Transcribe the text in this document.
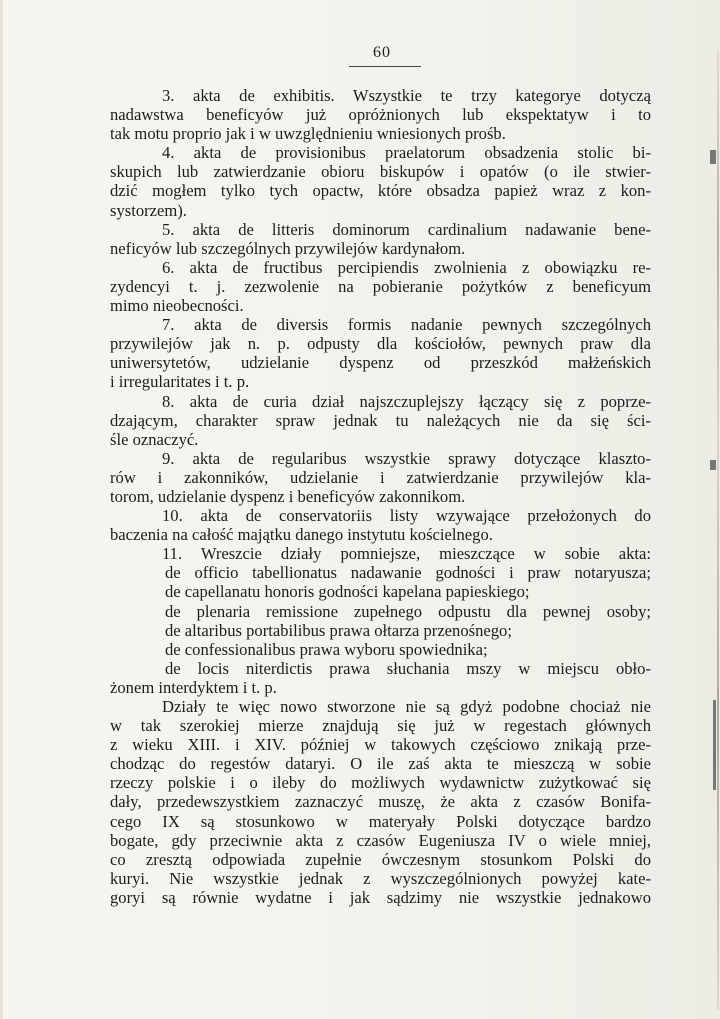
60
3. akta de exhibitis. Wszystkie te trzy kategorye dotyczą
nadawstwa beneficyów już opróżnionych lub ekspektatyw i to
tak motu proprio jak i w uwzględnieniu wniesionych prośb.
4. akta de provisionibus praelatorum obsadzenia stolic bi-
skupich lub zatwierdzanie obioru biskupów i opatów (o ile stwier-
dzić mogłem tylko tych opactw, które obsadza papież wraz z kon-
systorzem).
5. akta de litteris dominorum cardinalium nadawanie bene-
neficyów lub szczególnych przywilejów kardynałom.
6. akta de fructibus percipiendis zwolnienia z obowiązku re-
zydencyi t. j. zezwolenie na pobieranie pożytków z beneficyum
mimo nieobecności.
7. akta de diversis formis nadanie pewnych szczególnych
przywilejów jak n. p. odpusty dla kościołów, pewnych praw dla
uniwersytetów, udzielanie dyspenz od przeszkód małżeńskich
i irregularitates i t. p.
8. akta de curia dział najszczuplejszy łączący się z poprze-
dzającym, charakter spraw jednak tu należących nie da się ści-
śle oznaczyć.
9. akta de regularibus wszystkie sprawy dotyczące klaszto-
rów i zakonników, udzielanie i zatwierdzanie przywilejów kla-
torom, udzielanie dyspenz i beneficyów zakonnikom.
10. akta de conservatoriis listy wzywające przełożonych do
baczenia na całość majątku danego instytutu kościelnego.
11. Wreszcie działy pomniejsze, mieszczące w sobie akta:
de officio tabellionatus nadawanie godności i praw notaryusza;
de capellanatu honoris godności kapelana papieskiego;
de plenaria remissione zupełnego odpustu dla pewnej osoby;
de altaribus portabilibus prawa ołtarza przenośnego;
de confessionalibus prawa wyboru spowiednika;
de locis niterdictis prawa słuchania mszy w miejscu obło-
żonem interdyktem i t. p.
Działy te więc nowo stworzone nie są gdyż podobne chociaż nie
w tak szerokiej mierze znajdują się już w regestach głównych
z wieku XIII. i XIV. później w takowych częściowo znikają prze-
chodząc do regestów dataryi. O ile zaś akta te mieszczą w sobie
rzeczy polskie i o ileby do możliwych wydawnictw zużytkować się
dały, przedewszystkiem zaznaczyć muszę, że akta z czasów Bonifa-
cego IX są stosunkowo w materyały Polski dotyczące bardzo
bogate, gdy przeciwnie akta z czasów Eugeniusza IV o wiele mniej,
co zresztą odpowiada zupełnie ówczesnym stosunkom Polski do
kuryi. Nie wszystkie jednak z wyszczególnionych powyżej kate-
goryi są równie wydatne i jak sądzimy nie wszystkie jednakowo
